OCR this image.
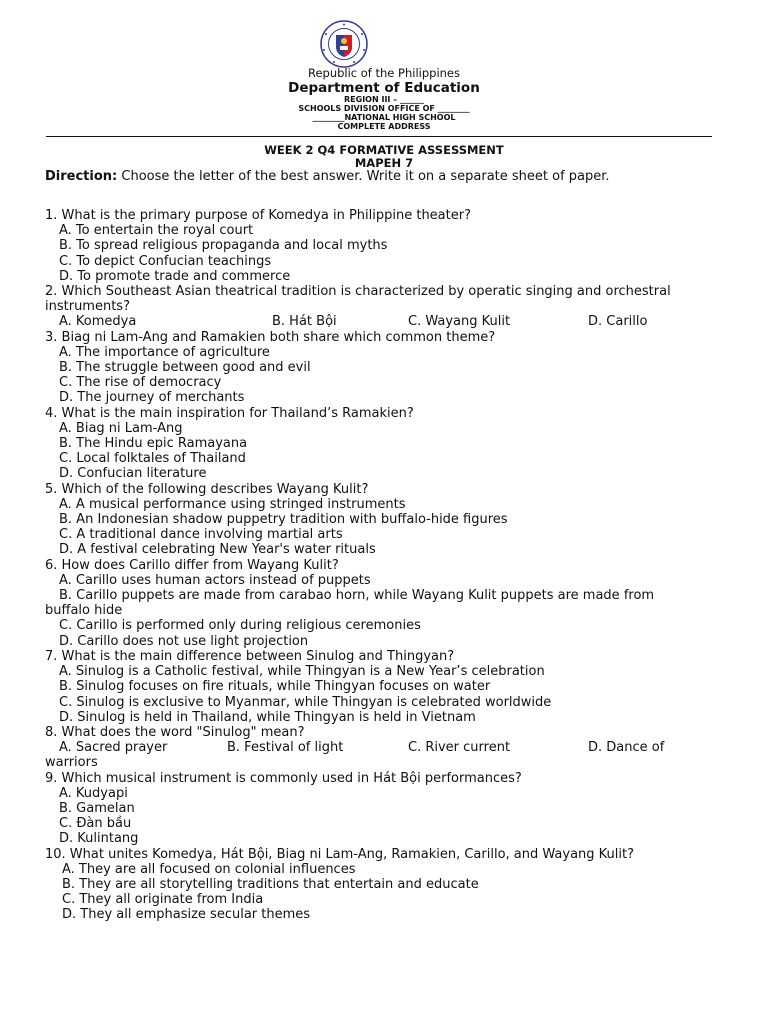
Republic of the Philippines
Department of Education
REGION III – ______
SCHOOLS DIVISION OFFICE OF ________
________NATIONAL HIGH SCHOOL
COMPLETE ADDRESS
WEEK 2 Q4 FORMATIVE ASSESSMENT
MAPEH 7
Direction: Choose the letter of the best answer. Write it on a separate sheet of paper.

1. What is the primary purpose of Komedya in Philippine theater?

A. To entertain the royal court

B. To spread religious propaganda and local myths

C. To depict Confucian teachings

D. To promote trade and commerce

2. Which Southeast Asian theatrical tradition is characterized by operatic singing and orchestral instruments?

A. Komedya	B. Hát Bội	C. Wayang Kulit	D. Carillo

3. Biag ni Lam-Ang and Ramakien both share which common theme?

A. The importance of agriculture

B. The struggle between good and evil

C. The rise of democracy

D. The journey of merchants

4. What is the main inspiration for Thailand’s Ramakien?

A. Biag ni Lam-Ang

B. The Hindu epic Ramayana

C. Local folktales of Thailand

D. Confucian literature

5. Which of the following describes Wayang Kulit?

A. A musical performance using stringed instruments

B. An Indonesian shadow puppetry tradition with buffalo-hide figures

C. A traditional dance involving martial arts

D. A festival celebrating New Year's water rituals

6. How does Carillo differ from Wayang Kulit?

A. Carillo uses human actors instead of puppets

B. Carillo puppets are made from carabao horn, while Wayang Kulit puppets are made from

buffalo hide

C. Carillo is performed only during religious ceremonies

D. Carillo does not use light projection

7. What is the main difference between Sinulog and Thingyan?

A. Sinulog is a Catholic festival, while Thingyan is a New Year’s celebration

B. Sinulog focuses on fire rituals, while Thingyan focuses on water

C. Sinulog is exclusive to Myanmar, while Thingyan is celebrated worldwide

D. Sinulog is held in Thailand, while Thingyan is held in Vietnam

8. What does the word "Sinulog" mean?

A. Sacred prayer	B. Festival of light	C. River current	D. Dance of

warriors

9. Which musical instrument is commonly used in Hát Bội performances?

A. Kudyapi

B. Gamelan

C. Đàn bầu

D. Kulintang

10. What unites Komedya, Hát Bội, Biag ni Lam-Ang, Ramakien, Carillo, and Wayang Kulit?

A. They are all focused on colonial influences

B. They are all storytelling traditions that entertain and educate

C. They all originate from India

D. They all emphasize secular themes
